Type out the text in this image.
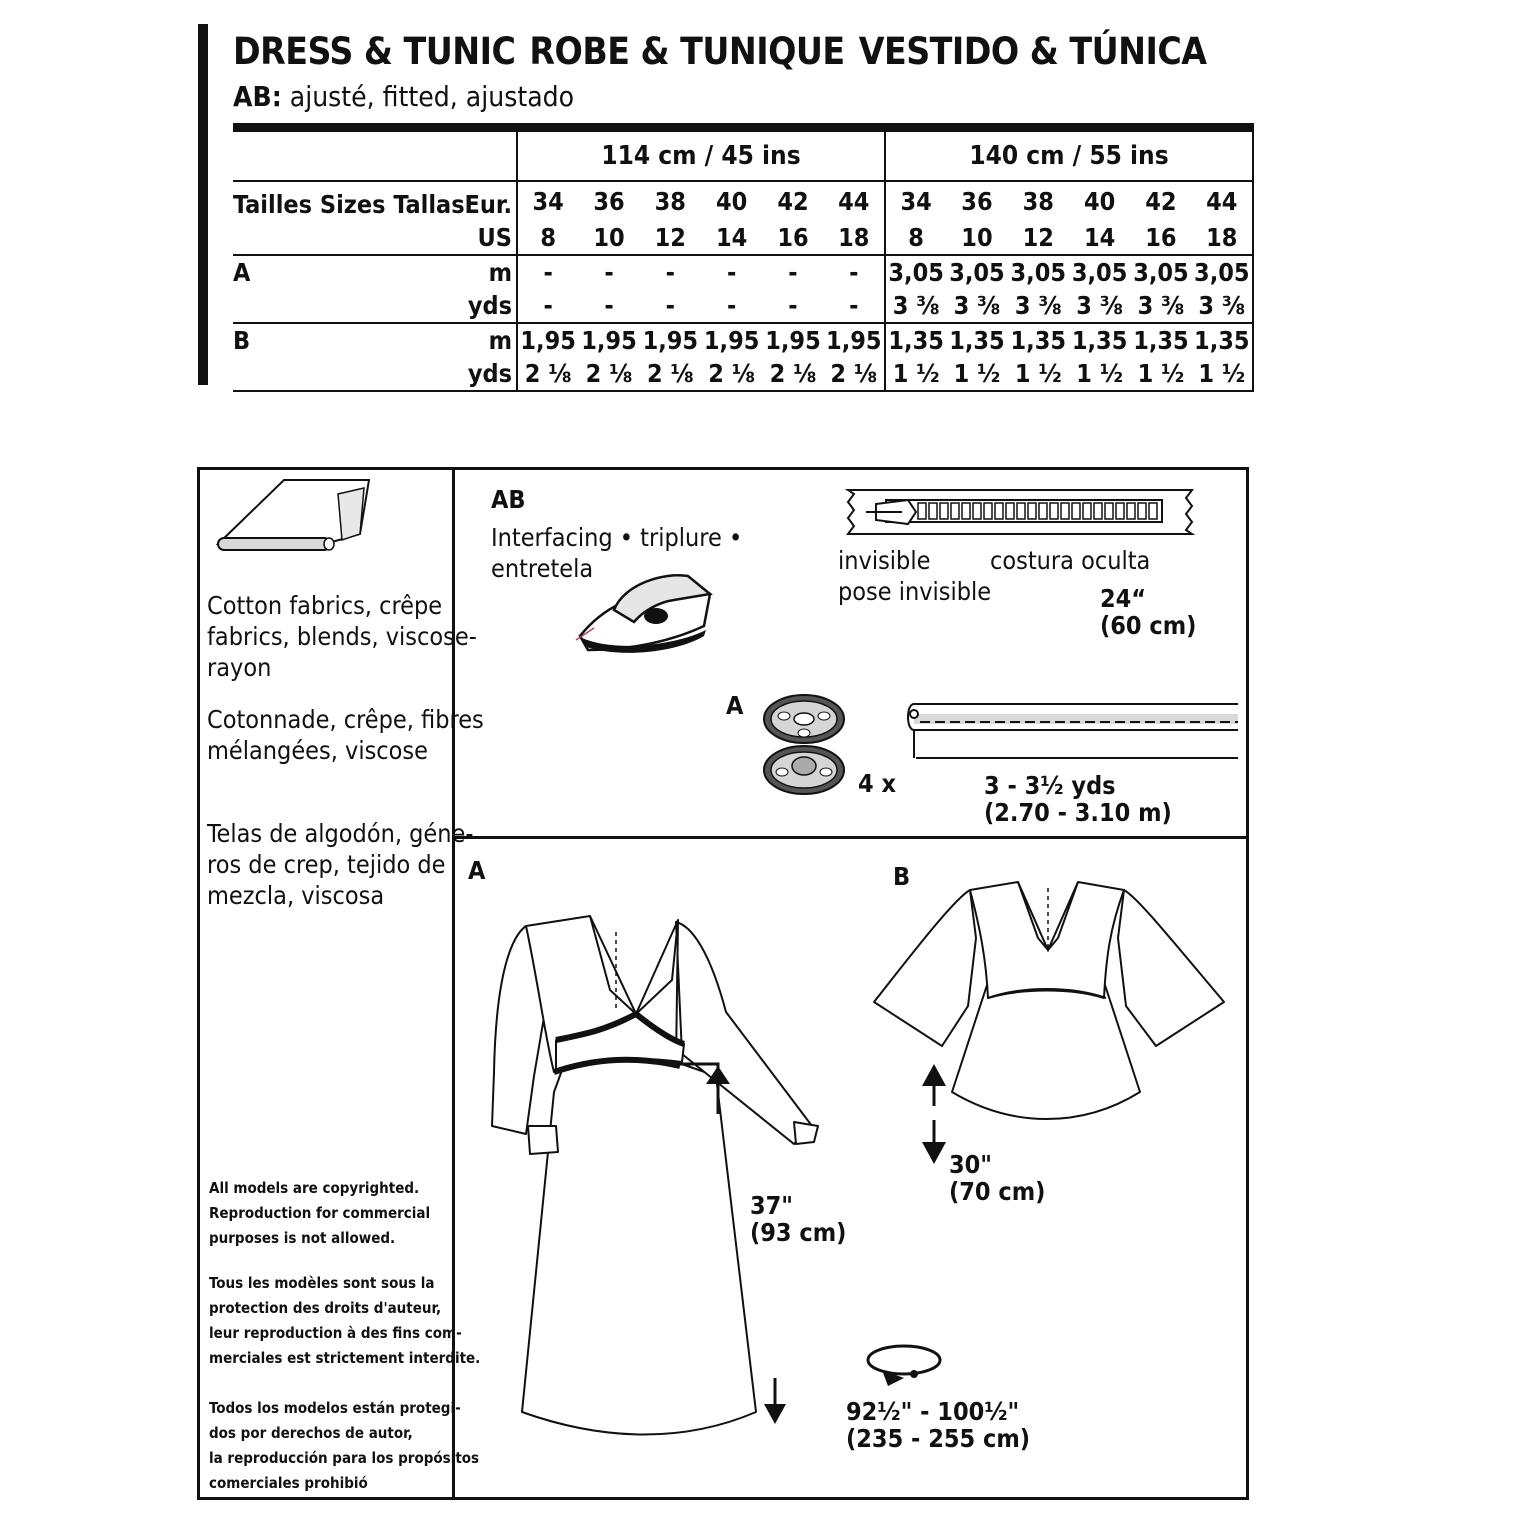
DRESS & TUNIC ROBE & TUNIQUE VESTIDO & TÚNICA
AB: ajusté, fitted, ajustado
		114 cm / 45 ins						140 cm / 55 ins					
Tailles Sizes Tallas	Eur.	34	36	38	40	42	44	34	36	38	40	42	44
	US	8	10	12	14	16	18	8	10	12	14	16	18
A	m	-	-	-	-	-	-	3,05	3,05	3,05	3,05	3,05	3,05
	yds	-	-	-	-	-	-	3 ⅜	3 ⅜	3 ⅜	3 ⅜	3 ⅜	3 ⅜
B	m	1,95	1,95	1,95	1,95	1,95	1,95	1,35	1,35	1,35	1,35	1,35	1,35
	yds	2 ⅛	2 ⅛	2 ⅛	2 ⅛	2 ⅛	2 ⅛	1 ½	1 ½	1 ½	1 ½	1 ½	1 ½
Cotton fabrics, crêpe
fabrics, blends, viscose-
rayon
Cotonnade, crêpe, fibres
mélangées, viscose
Telas de algodón, géne-
ros de crep, tejido de
mezcla, viscosa
All models are copyrighted.
Reproduction for commercial
purposes is not allowed.
Tous les modèles sont sous la
protection des droits d'auteur,
leur reproduction à des fins com-
merciales est strictement interdite.
Todos los modelos están protegi-
dos por derechos de autor,
la reproducción para los propósitos
comerciales prohibió
AB
Interfacing • triplure •
entretela	invisible
pose invisible
costura oculta
24“
(60 cm)
A
4 x	3 - 3½ yds
(2.70 - 3.10 m)
A
37"
(93 cm)
92½" - 100½"
(235 - 255 cm)
B
30"
(70 cm)
